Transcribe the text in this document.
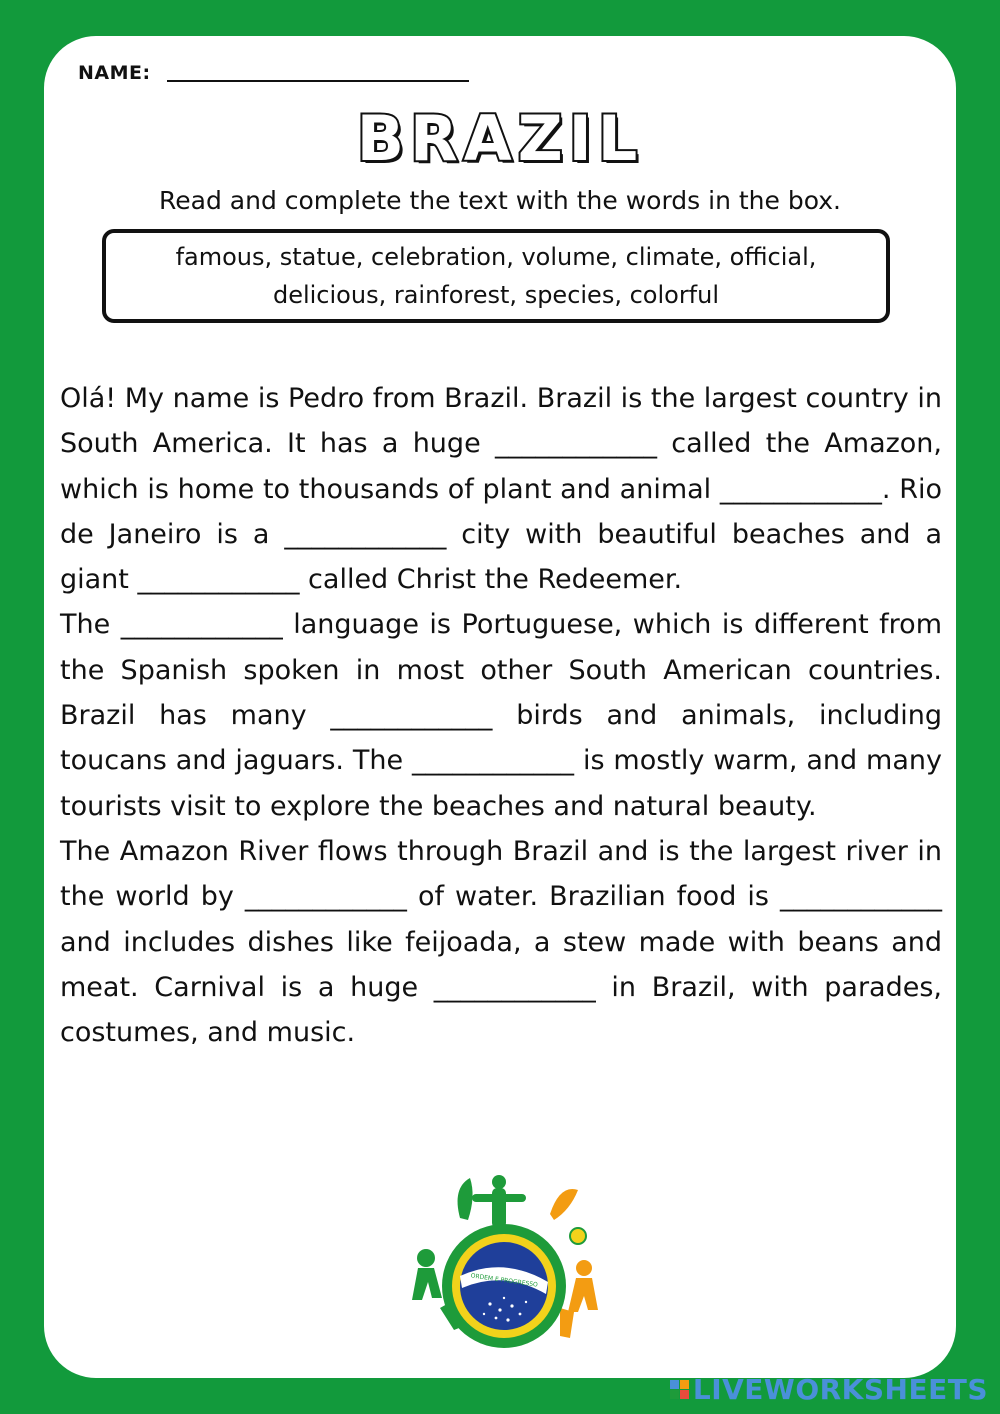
NAME:
BRAZIL
Read and complete the text with the words in the box.
famous, statue, celebration, volume, climate, official,
delicious, rainforest, species, colorful

Olá! My name is Pedro from Brazil. Brazil is the largest country in South America. It has a huge ____________ called the Amazon, which is home to thousands of plant and animal ____________. Rio de Janeiro is a ____________ city with beautiful beaches and a giant ____________ called Christ the Redeemer.

The ____________ language is Portuguese, which is different from the Spanish spoken in most other South American countries. Brazil has many ____________ birds and animals, including toucans and jaguars. The ____________ is mostly warm, and many tourists visit to explore the beaches and natural beauty.

The Amazon River flows through Brazil and is the largest river in the world by ____________ of water. Brazilian food is ____________ and includes dishes like feijoada, a stew made with beans and meat. Carnival is a huge ____________ in Brazil, with parades, costumes, and music.

ORDEM E PROGRESSO
LIVEWORKSHEETS
